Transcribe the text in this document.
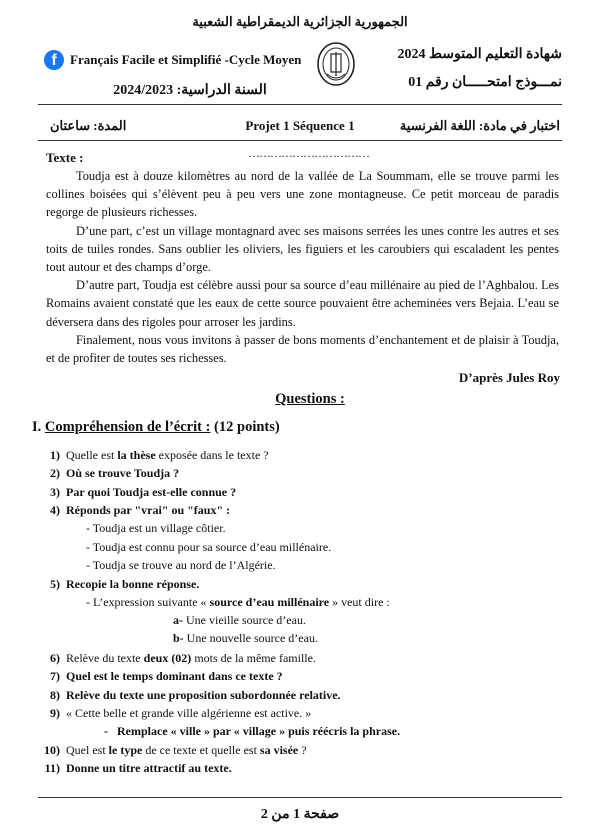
الجمهورية الجزائرية الديمقراطية الشعبية
f	Français Facile et Simplifié -Cycle Moyen	شهادة التعليم المتوسط 2024
نمـــوذج امتحـــــان رقم 01
السنة الدراسية: 2024/2023
المدة: ساعتان	Projet 1 Séquence 1	اختبار في مادة: اللغة الفرنسية
Texte :	……………………………

Toudja est à douze kilomètres au nord de la vallée de La Soummam, elle se trouve parmi les collines boisées qui s’élèvent peu à peu vers une zone montagneuse. Ce petit morceau de paradis regorge de plusieurs richesses.

D’une part, c’est un village montagnard avec ses maisons serrées les unes contre les autres et ses toits de tuiles rondes. Sans oublier les oliviers, les figuiers et les caroubiers qui escaladent les pentes tout autour et des champs d’orge.

D’autre part, Toudja est célèbre aussi pour sa source d’eau millénaire au pied de l’Aghbalou. Les Romains avaient constaté que les eaux de cette source pouvaient être acheminées vers Bejaia. L’eau se déversera dans des rigoles pour arroser les jardins.

Finalement, nous vous invitons à passer de bons moments d’enchantement et de plaisir à Toudja, et de profiter de toutes ses richesses.

D’après Jules Roy
Questions :
I. Compréhension de l’écrit : (12 points)
1) Quelle est la thèse exposée dans le texte ?
2) Où se trouve Toudja ?
3) Par quoi Toudja est-elle connue ?
4) Réponds par "vrai" ou "faux" :
- Toudja est un village côtier.
- Toudja est connu pour sa source d’eau millénaire.
- Toudja se trouve au nord de l’Algérie.
5) Recopie la bonne réponse.
- L’expression suivante « source d’eau millénaire » veut dire :
a- Une vieille source d’eau.
b- Une nouvelle source d’eau.
6) Relève du texte deux (02) mots de la même famille.
7) Quel est le temps dominant dans ce texte ?
8) Relève du texte une proposition subordonnée relative.
9) « Cette belle et grande ville algérienne est active. »
- Remplace « ville » par « village » puis réécris la phrase.
10) Quel est le type de ce texte et quelle est sa visée ?
11) Donne un titre attractif au texte.
صفحة 1 من 2
